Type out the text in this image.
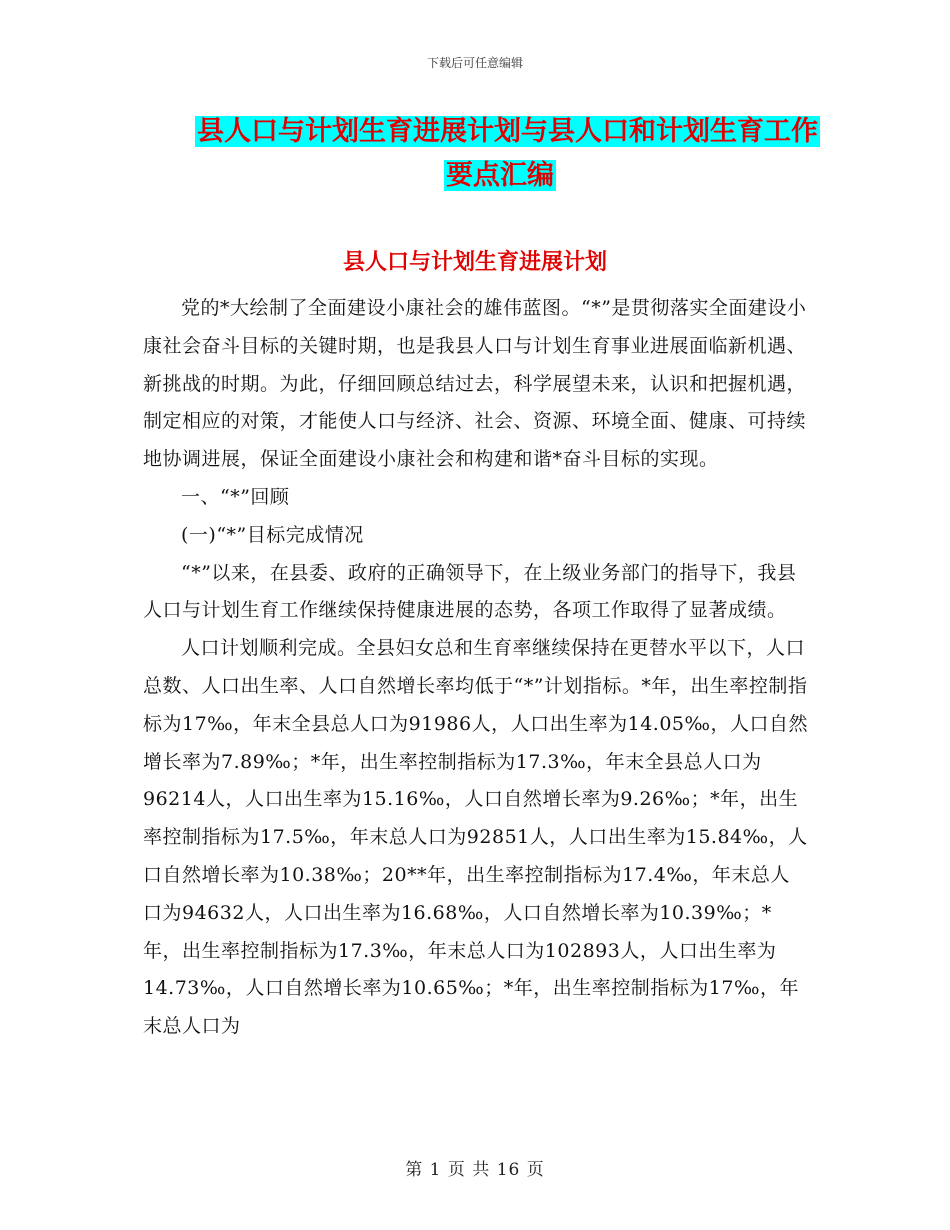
下载后可任意编辑
县人口与计划生育进展计划与县人口和计划生育工作
要点汇编
县人口与计划生育进展计划

党的*大绘制了全面建设小康社会的雄伟蓝图。“*”是贯彻落实全面建设小康社会奋斗目标的关键时期，也是我县人口与计划生育事业进展面临新机遇、新挑战的时期。为此，仔细回顾总结过去，科学展望未来，认识和把握机遇，制定相应的对策，才能使人口与经济、社会、资源、环境全面、健康、可持续地协调进展，保证全面建设小康社会和构建和谐*奋斗目标的实现。

一、“*”回顾

(一)“*”目标完成情况

“*”以来，在县委、政府的正确领导下，在上级业务部门的指导下，我县人口与计划生育工作继续保持健康进展的态势，各项工作取得了显著成绩。

人口计划顺利完成。全县妇女总和生育率继续保持在更替水平以下，人口总数、人口出生率、人口自然增长率均低于“*”计划指标。*年，出生率控制指标为17‰，年末全县总人口为91986人，人口出生率为14.05‰，人口自然增长率为7.89‰；*年，出生率控制指标为17.3‰，年末全县总人口为96214人，人口出生率为15.16‰，人口自然增长率为9.26‰；*年，出生率控制指标为17.5‰，年末总人口为92851人，人口出生率为15.84‰，人口自然增长率为10.38‰；20**年，出生率控制指标为17.4‰，年末总人口为94632人，人口出生率为16.68‰，人口自然增长率为10.39‰；*年，出生率控制指标为17.3‰，年末总人口为102893人，人口出生率为14.73‰，人口自然增长率为10.65‰；*年，出生率控制指标为17‰，年末总人口为

第 1 页 共 16 页
